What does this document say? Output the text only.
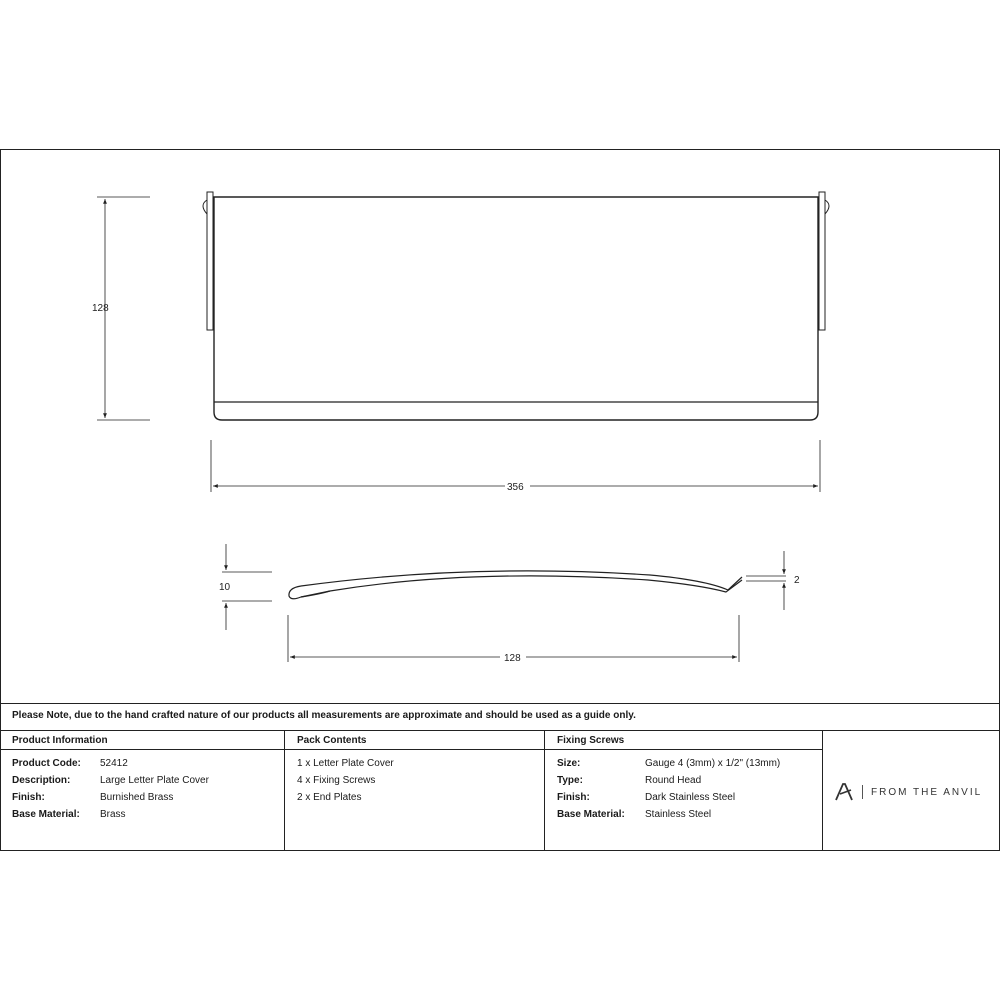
128
356
10
2
128
Please Note, due to the hand crafted nature of our products all measurements are approximate and should be used as a guide only.
Product Information
Product Code:	52412
Description:	Large Letter Plate Cover
Finish:	Burnished Brass
Base Material:	Brass
Pack Contents
1 x Letter Plate Cover
4 x Fixing Screws
2 x End Plates
Fixing Screws
Size:	Gauge 4 (3mm) x 1/2" (13mm)
Type:	Round Head
Finish:	Dark Stainless Steel
Base Material:	Stainless Steel
FROM THE ANVIL
